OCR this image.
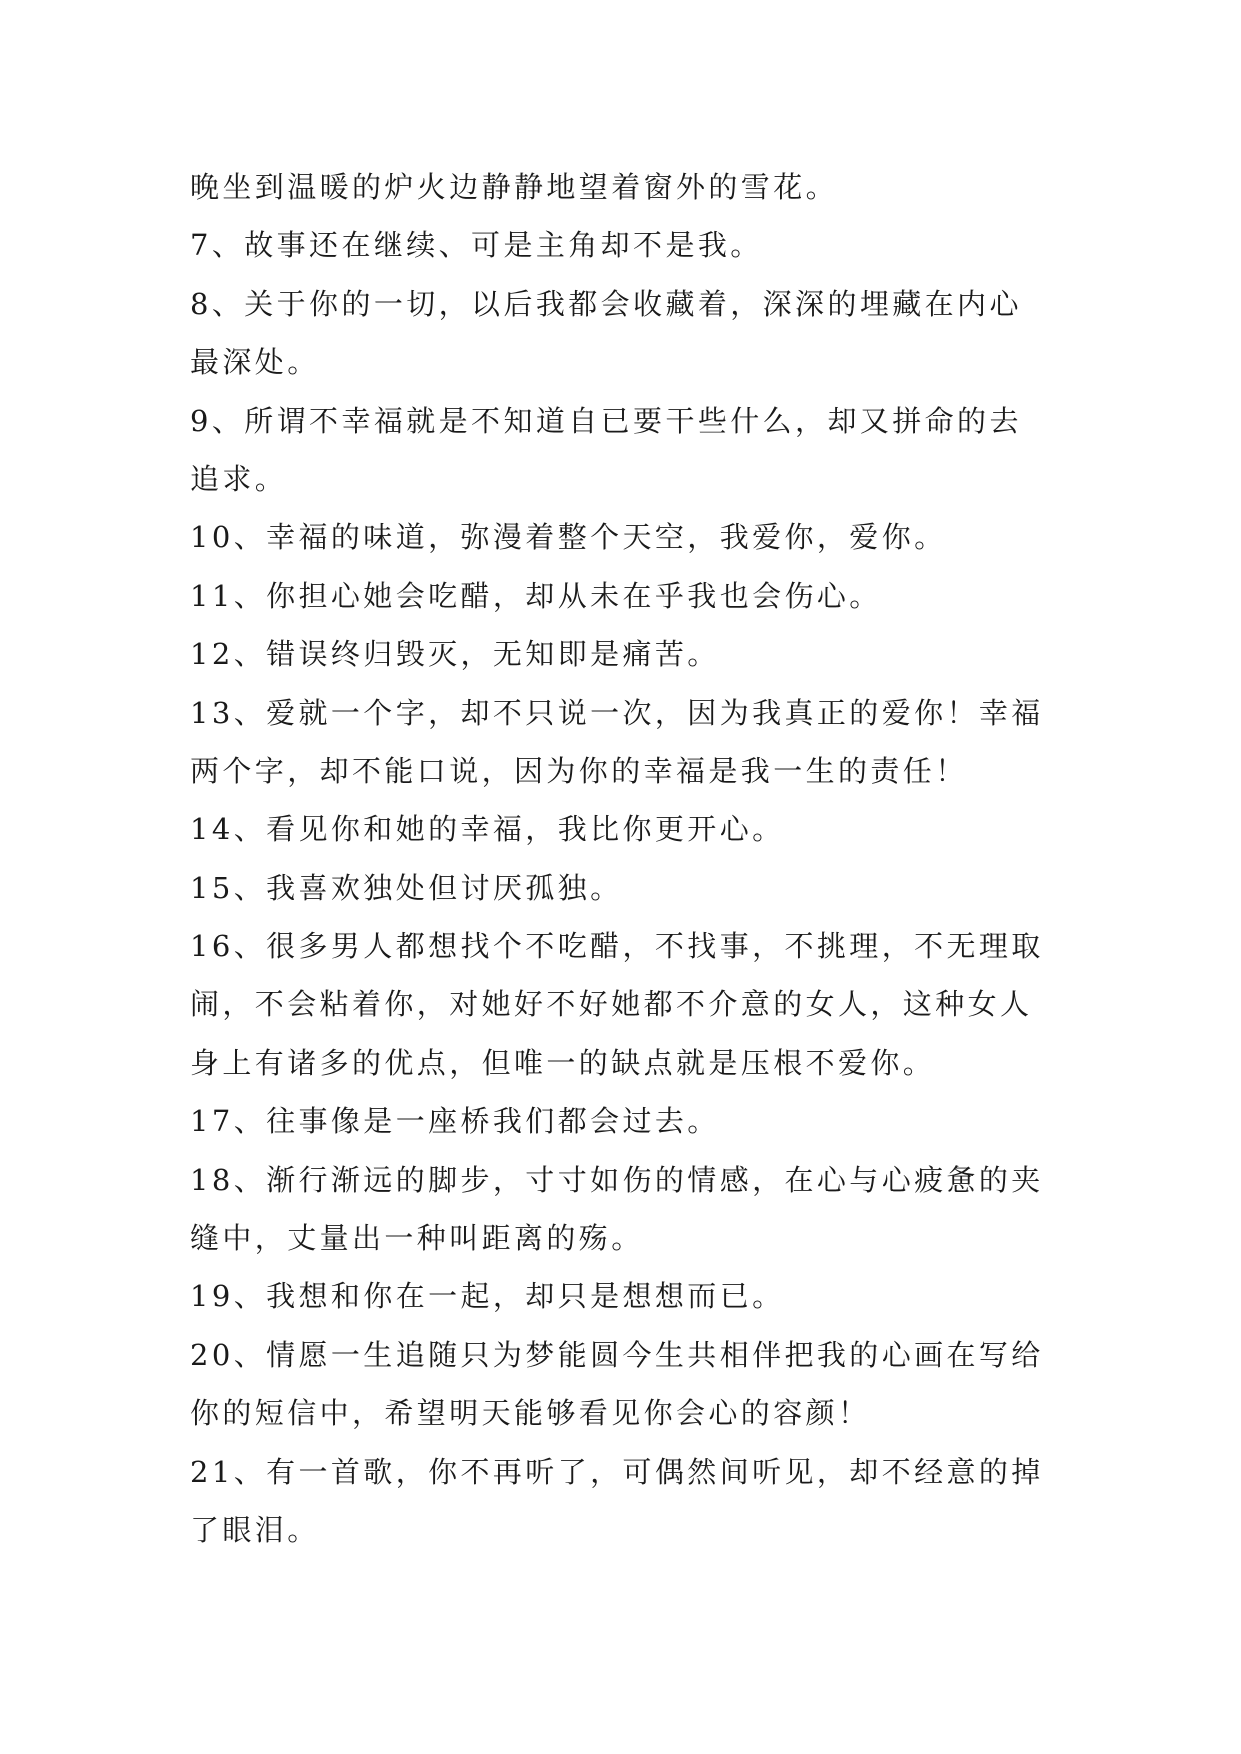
晚坐到温暖的炉火边静静地望着窗外的雪花。
7、故事还在继续、可是主角却不是我。
8、关于你的一切，以后我都会收藏着，深深的埋藏在内心
最深处。
9、所谓不幸福就是不知道自已要干些什么，却又拼命的去
追求。
10、幸福的味道，弥漫着整个天空，我爱你，爱你。
11、你担心她会吃醋，却从未在乎我也会伤心。
12、错误终归毁灭，无知即是痛苦。
13、爱就一个字，却不只说一次，因为我真正的爱你！幸福
两个字，却不能口说，因为你的幸福是我一生的责任！
14、看见你和她的幸福，我比你更开心。
15、我喜欢独处但讨厌孤独。
16、很多男人都想找个不吃醋，不找事，不挑理，不无理取
闹，不会粘着你，对她好不好她都不介意的女人，这种女人
身上有诸多的优点，但唯一的缺点就是压根不爱你。
17、往事像是一座桥我们都会过去。
18、渐行渐远的脚步，寸寸如伤的情感，在心与心疲惫的夹
缝中，丈量出一种叫距离的殇。
19、我想和你在一起，却只是想想而已。
20、情愿一生追随只为梦能圆今生共相伴把我的心画在写给
你的短信中，希望明天能够看见你会心的容颜！
21、有一首歌，你不再听了，可偶然间听见，却不经意的掉
了眼泪。
